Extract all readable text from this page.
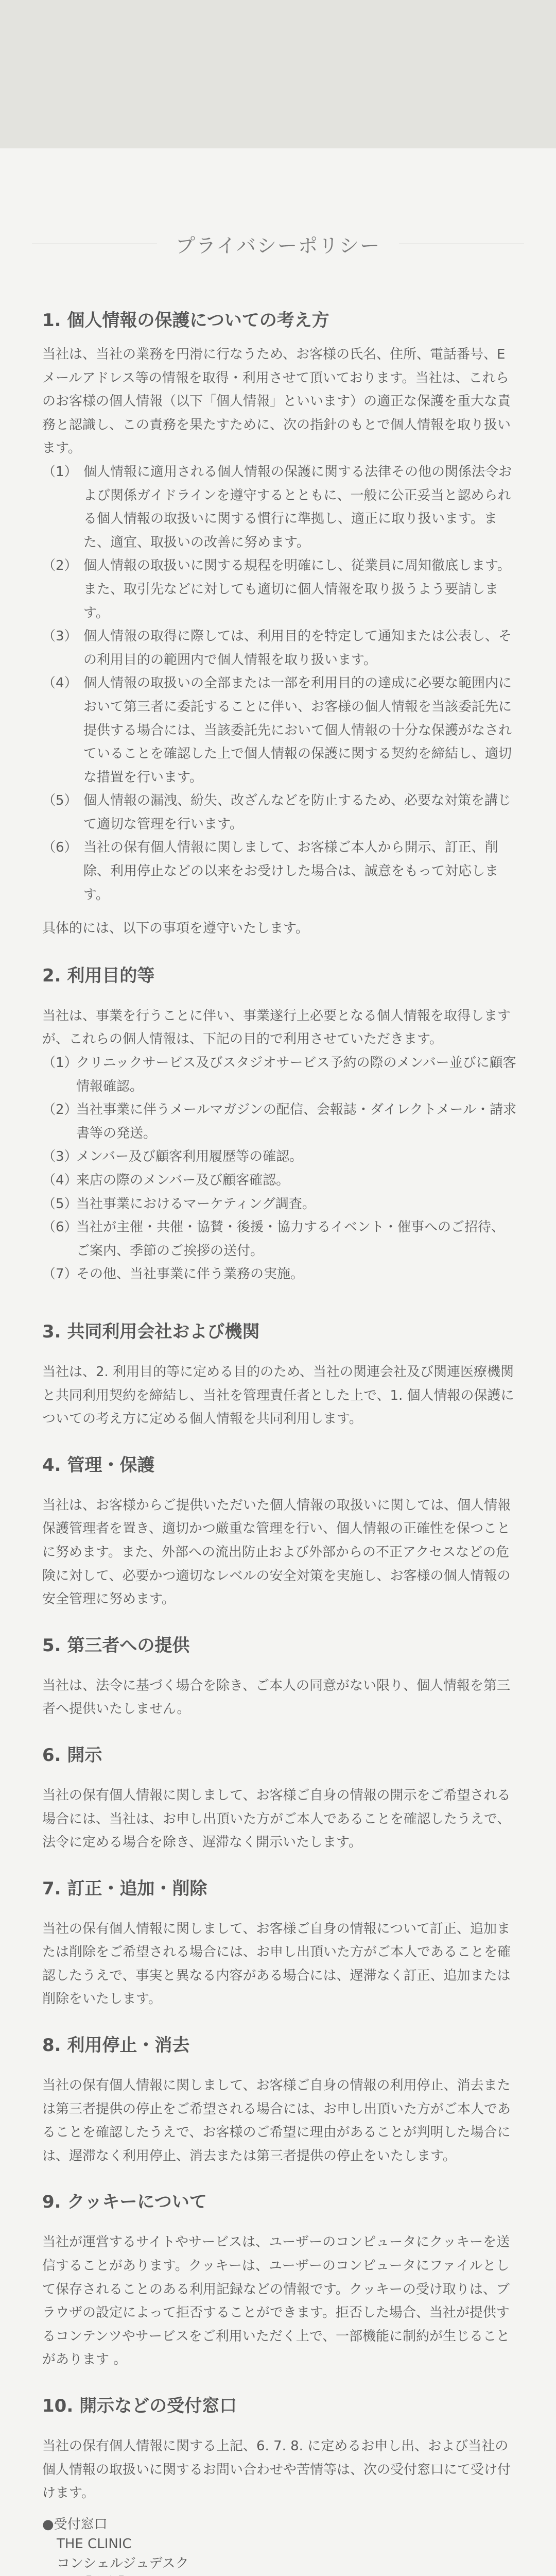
プライバシーポリシー
1. 個人情報の保護についての考え方

当社は、当社の業務を円滑に行なうため、お客様の氏名、住所、電話番号、E メールアドレス等の情報を取得・利用させて頂いております。当社は、これらのお客様の個人情報（以下「個人情報」といいます）の適正な保護を重大な責務と認識し、この責務を果たすために、次の指針のもとで個人情報を取り扱います。

（1） 個人情報に適用される個人情報の保護に関する法律その他の関係法令および関係ガイドラインを遵守するとともに、一般に公正妥当と認められる個人情報の取扱いに関する慣行に準拠し、適正に取り扱います。また、適宜、取扱いの改善に努めます。
（2） 個人情報の取扱いに関する規程を明確にし、従業員に周知徹底します。また、取引先などに対しても適切に個人情報を取り扱うよう要請します。
（3） 個人情報の取得に際しては、利用目的を特定して通知または公表し、その利用目的の範囲内で個人情報を取り扱います。
（4） 個人情報の取扱いの全部または一部を利用目的の達成に必要な範囲内において第三者に委託することに伴い、お客様の個人情報を当該委託先に提供する場合には、当該委託先において個人情報の十分な保護がなされていることを確認した上で個人情報の保護に関する契約を締結し、適切な措置を行います。
（5） 個人情報の漏洩、紛失、改ざんなどを防止するため、必要な対策を講じて適切な管理を行います。
（6） 当社の保有個人情報に関しまして、お客様ご本人から開示、訂正、削除、利用停止などの以来をお受けした場合は、誠意をもって対応します。

具体的には、以下の事項を遵守いたします。

2. 利用目的等

当社は、事業を行うことに伴い、事業遂行上必要となる個人情報を取得しますが、これらの個人情報は、下記の目的で利用させていただきます。

（1）
クリニックサービス及びスタジオサービス予約の際のメンバー並びに顧客情報確認。
（2）
当社事業に伴うメールマガジンの配信、会報誌・ダイレクトメール・請求書等の発送。
（3）
メンバー及び顧客利用履歴等の確認。
（4）
来店の際のメンバー及び顧客確認。
（5）
当社事業におけるマーケティング調査。
（6）
当社が主催・共催・協賛・後援・協力するイベント・催事へのご招待、ご案内、季節のご挨拶の送付。
（7）
その他、当社事業に伴う業務の実施。
3. 共同利用会社および機関

当社は、2. 利用目的等に定める目的のため、当社の関連会社及び関連医療機関と共同利用契約を締結し、当社を管理責任者とした上で、1. 個人情報の保護についての考え方に定める個人情報を共同利用します。

4. 管理・保護

当社は、お客様からご提供いただいた個人情報の取扱いに関しては、個人情報保護管理者を置き、適切かつ厳重な管理を行い、個人情報の正確性を保つことに努めます。また、外部への流出防止および外部からの不正アクセスなどの危険に対して、必要かつ適切なレベルの安全対策を実施し、お客様の個人情報の安全管理に努めます。

5. 第三者への提供

当社は、法令に基づく場合を除き、ご本人の同意がない限り、個人情報を第三者へ提供いたしません。

6. 開示

当社の保有個人情報に関しまして、お客様ご自身の情報の開示をご希望される場合には、当社は、お申し出頂いた方がご本人であることを確認したうえで、法令に定める場合を除き、遅滞なく開示いたします。

7. 訂正・追加・削除

当社の保有個人情報に関しまして、お客様ご自身の情報について訂正、追加または削除をご希望される場合には、お申し出頂いた方がご本人であることを確認したうえで、事実と異なる内容がある場合には、遅滞なく訂正、追加または削除をいたします。

8. 利用停止・消去

当社の保有個人情報に関しまして、お客様ご自身の情報の利用停止、消去または第三者提供の停止をご希望される場合には、お申し出頂いた方がご本人であることを確認したうえで、お客様のご希望に理由があることが判明した場合には、遅滞なく利用停止、消去または第三者提供の停止をいたします。

9. クッキーについて

当社が運営するサイトやサービスは、ユーザーのコンピュータにクッキーを送信することがあります。クッキーは、ユーザーのコンピュータにファイルとして保存されることのある利用記録などの情報です。クッキーの受け取りは、ブラウザの設定によって拒否することができます。拒否した場合、当社が提供するコンテンツやサービスをご利用いただく上で、一部機能に制約が生じることがあります 。

10. 開示などの受付窓口

当社の保有個人情報に関する上記、6. 7. 8. に定めるお申し出、および当社の個人情報の取扱いに関するお問い合わせや苦情等は、次の受付窓口にて受け付けます。

●受付窓口
THE CLINIC
コンシェルジュデスク
